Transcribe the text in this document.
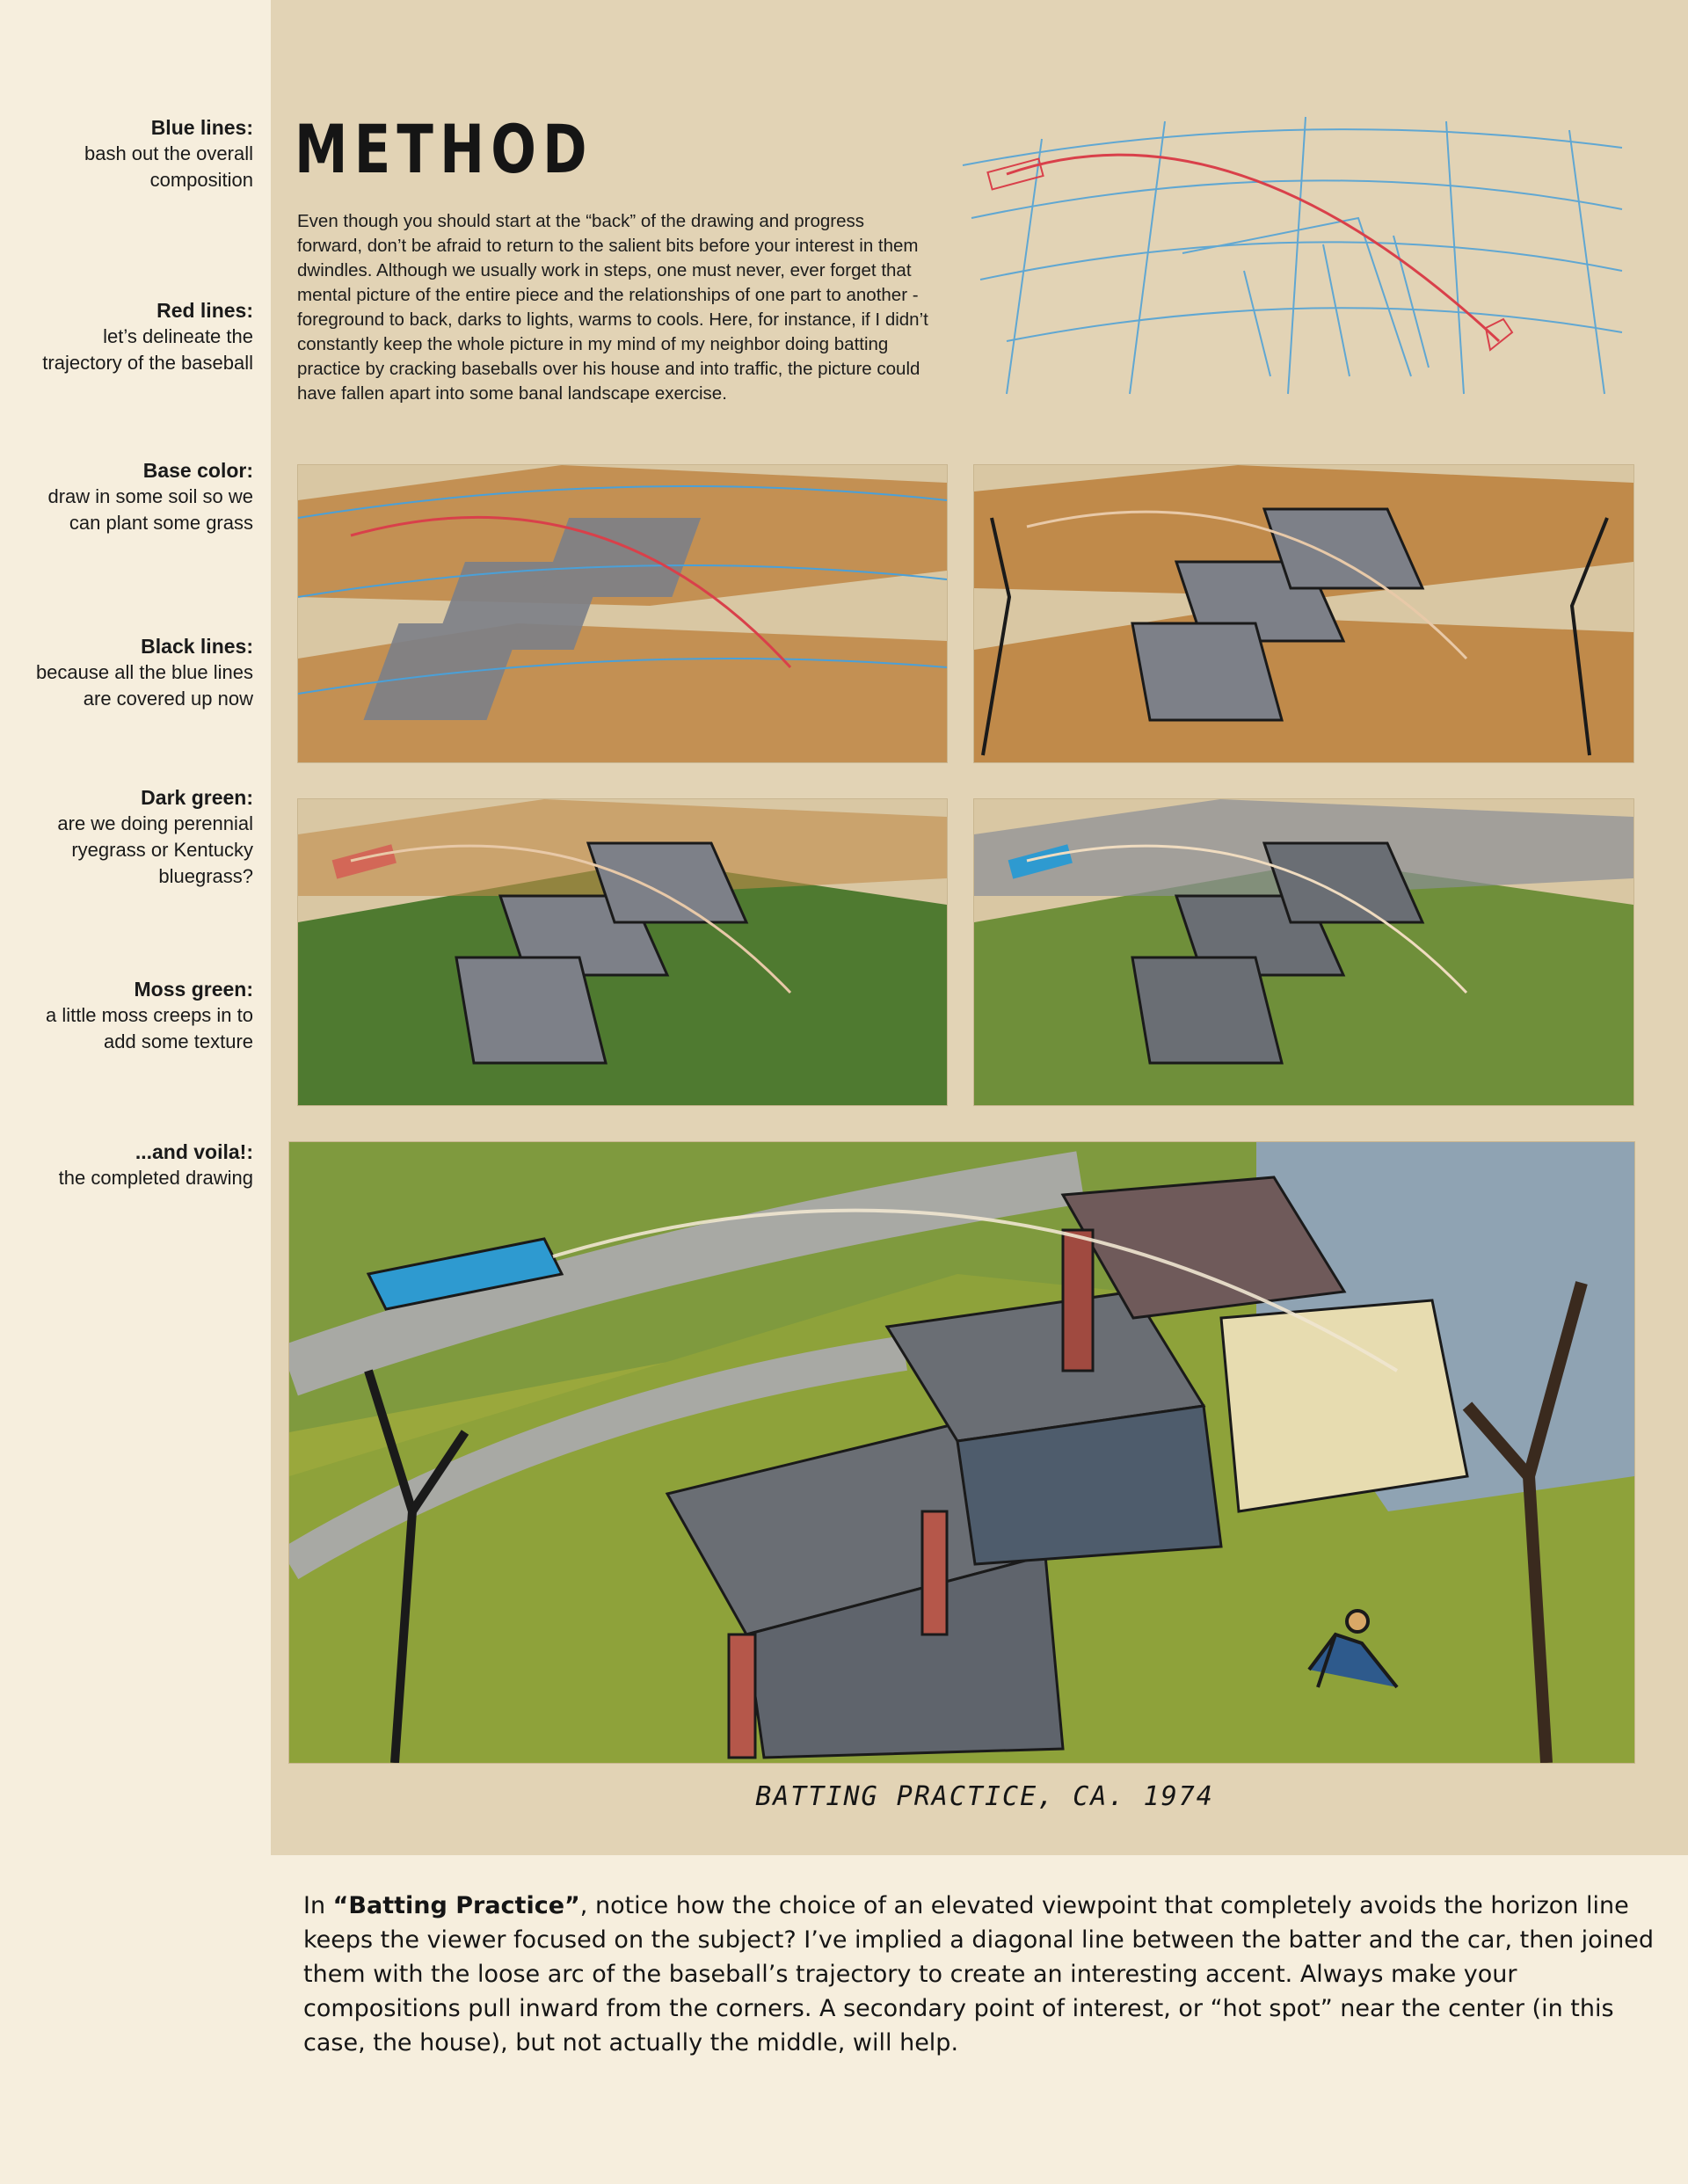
Blue lines:
bash out the overall composition
Red lines:
let’s delineate the trajectory of the baseball
Base color:
draw in some soil so we can plant some grass
Black lines:
because all the blue lines are covered up now
Dark green:
are we doing perennial ryegrass or Kentucky bluegrass?
Moss green:
a little moss creeps in to add some texture
...and voila!:
the completed drawing
METHOD

Even though you should start at the “back” of the drawing and progress forward, don’t be afraid to return to the salient bits before your interest in them dwindles. Although we usually work in steps, one must never, ever forget that mental picture of the entire piece and the relationships of one part to another - foreground to back, darks to lights, warms to cools. Here, for instance, if I didn’t constantly keep the whole picture in my mind of my neighbor doing batting practice by cracking baseballs over his house and into traffic, the picture could have fallen apart into some banal landscape exercise.

BATTING PRACTICE, CA. 1974

In “Batting Practice”, notice how the choice of an elevated viewpoint that completely avoids the horizon line keeps the viewer focused on the subject? I’ve implied a diagonal line between the batter and the car, then joined them with the loose arc of the baseball’s trajectory to create an interesting accent. Always make your compositions pull inward from the corners. A secondary point of interest, or “hot spot” near the center (in this case, the house), but not actually the middle, will help.
